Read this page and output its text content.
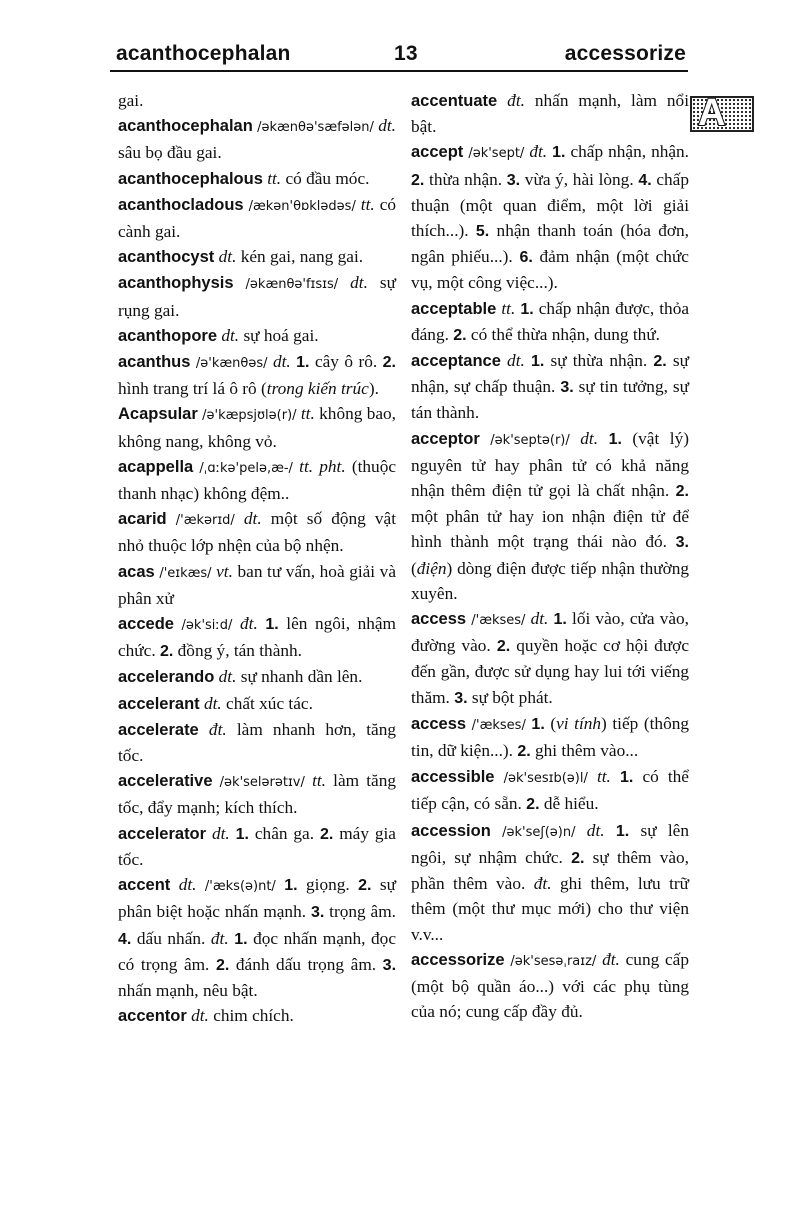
acanthocephalan	13	accessorize
A

gai.

acanthocephalan /əkænθə'sæfələn/ dt. sâu bọ đầu gai.

acanthocephalous tt. có đầu móc.

acanthocladous /ækən'θɒklədəs/ tt. có cành gai.

acanthocyst dt. kén gai, nang gai.

acanthophysis /əkænθə'fɪsɪs/ dt. sự rụng gai.

acanthopore dt. sự hoá gai.

acanthus /ə'kænθəs/ dt. 1. cây ô rô. 2. hình trang trí lá ô rô (trong kiến trúc).

Acapsular /ə'kæpsjʊlə(r)/ tt. không bao, không nang, không vỏ.

acappella /ˌɑːkə'pelə,æ-/ tt. pht. (thuộc thanh nhạc) không đệm..

acarid /'ækərɪd/ dt. một số động vật nhỏ thuộc lớp nhện của bộ nhện.

acas /'eɪkæs/ vt. ban tư vấn, hoà giải và phân xử

accede /ək'siːd/ đt. 1. lên ngôi, nhậm chức. 2. đồng ý, tán thành.

accelerando dt. sự nhanh dần lên.

accelerant dt. chất xúc tác.

accelerate đt. làm nhanh hơn, tăng tốc.

accelerative /ək'selərətɪv/ tt. làm tăng tốc, đẩy mạnh; kích thích.

accelerator dt. 1. chân ga. 2. máy gia tốc.

accent dt. /'æks(ə)nt/ 1. giọng. 2. sự phân biệt hoặc nhấn mạnh. 3. trọng âm. 4. dấu nhấn. đt. 1. đọc nhấn mạnh, đọc có trọng âm. 2. đánh dấu trọng âm. 3. nhấn mạnh, nêu bật.

accentor dt. chim chích.

accentuate đt. nhấn mạnh, làm nổi bật.

accept /ək'sept/ đt. 1. chấp nhận, nhận. 2. thừa nhận. 3. vừa ý, hài lòng. 4. chấp thuận (một quan điểm, một lời giải thích...). 5. nhận thanh toán (hóa đơn, ngân phiếu...). 6. đảm nhận (một chức vụ, một công việc...).

acceptable tt. 1. chấp nhận được, thỏa đáng. 2. có thể thừa nhận, dung thứ.

acceptance dt. 1. sự thừa nhận. 2. sự nhận, sự chấp thuận. 3. sự tin tưởng, sự tán thành.

acceptor /ək'septə(r)/ dt. 1. (vật lý) nguyên tử hay phân tử có khả năng nhận thêm điện tử gọi là chất nhận. 2. một phân tử hay ion nhận điện tử để hình thành một trạng thái nào đó. 3. (điện) dòng điện được tiếp nhận thường xuyên.

access /'ækses/ dt. 1. lối vào, cửa vào, đường vào. 2. quyền hoặc cơ hội được đến gần, được sử dụng hay lui tới viếng thăm. 3. sự bột phát.

access /'ækses/ 1. (vi tính) tiếp (thông tin, dữ kiện...). 2. ghi thêm vào...

accessible /ək'sesɪb(ə)l/ tt. 1. có thể tiếp cận, có sẵn. 2. dễ hiểu.

accession /ək'seʃ(ə)n/ dt. 1. sự lên ngôi, sự nhậm chức. 2. sự thêm vào, phần thêm vào. đt. ghi thêm, lưu trữ thêm (một thư mục mới) cho thư viện v.v...

accessorize /ək'sesəˌraɪz/ đt. cung cấp (một bộ quần áo...) với các phụ tùng của nó; cung cấp đầy đủ.
